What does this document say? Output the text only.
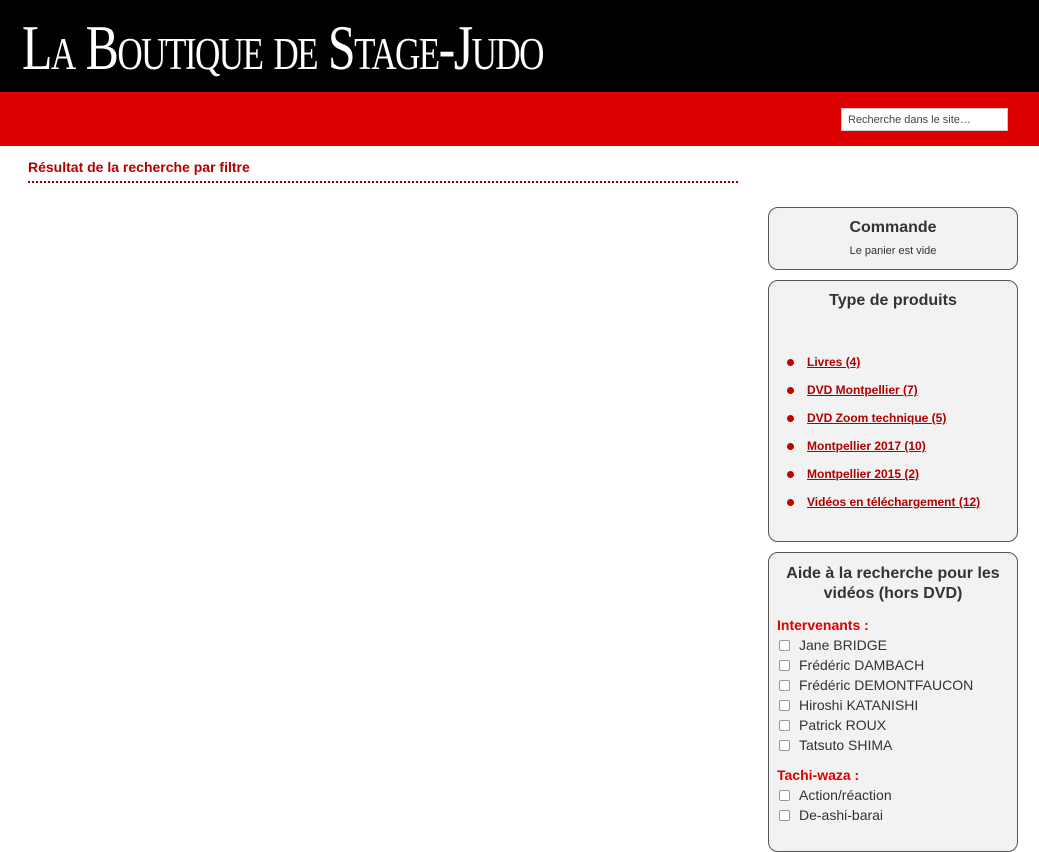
La Boutique de Stage-Judo
Recherche dans le site…
Résultat de la recherche par filtre
Commande
Le panier est vide
Type de produits
Livres (4)
DVD Montpellier (7)
DVD Zoom technique (5)
Montpellier 2017 (10)
Montpellier 2015 (2)
Vidéos en téléchargement (12)
Aide à la recherche pour les vidéos (hors DVD)
Intervenants :
Jane BRIDGE
Frédéric DAMBACH
Frédéric DEMONTFAUCON
Hiroshi KATANISHI
Patrick ROUX
Tatsuto SHIMA
Tachi-waza :
Action/réaction
De-ashi-barai
